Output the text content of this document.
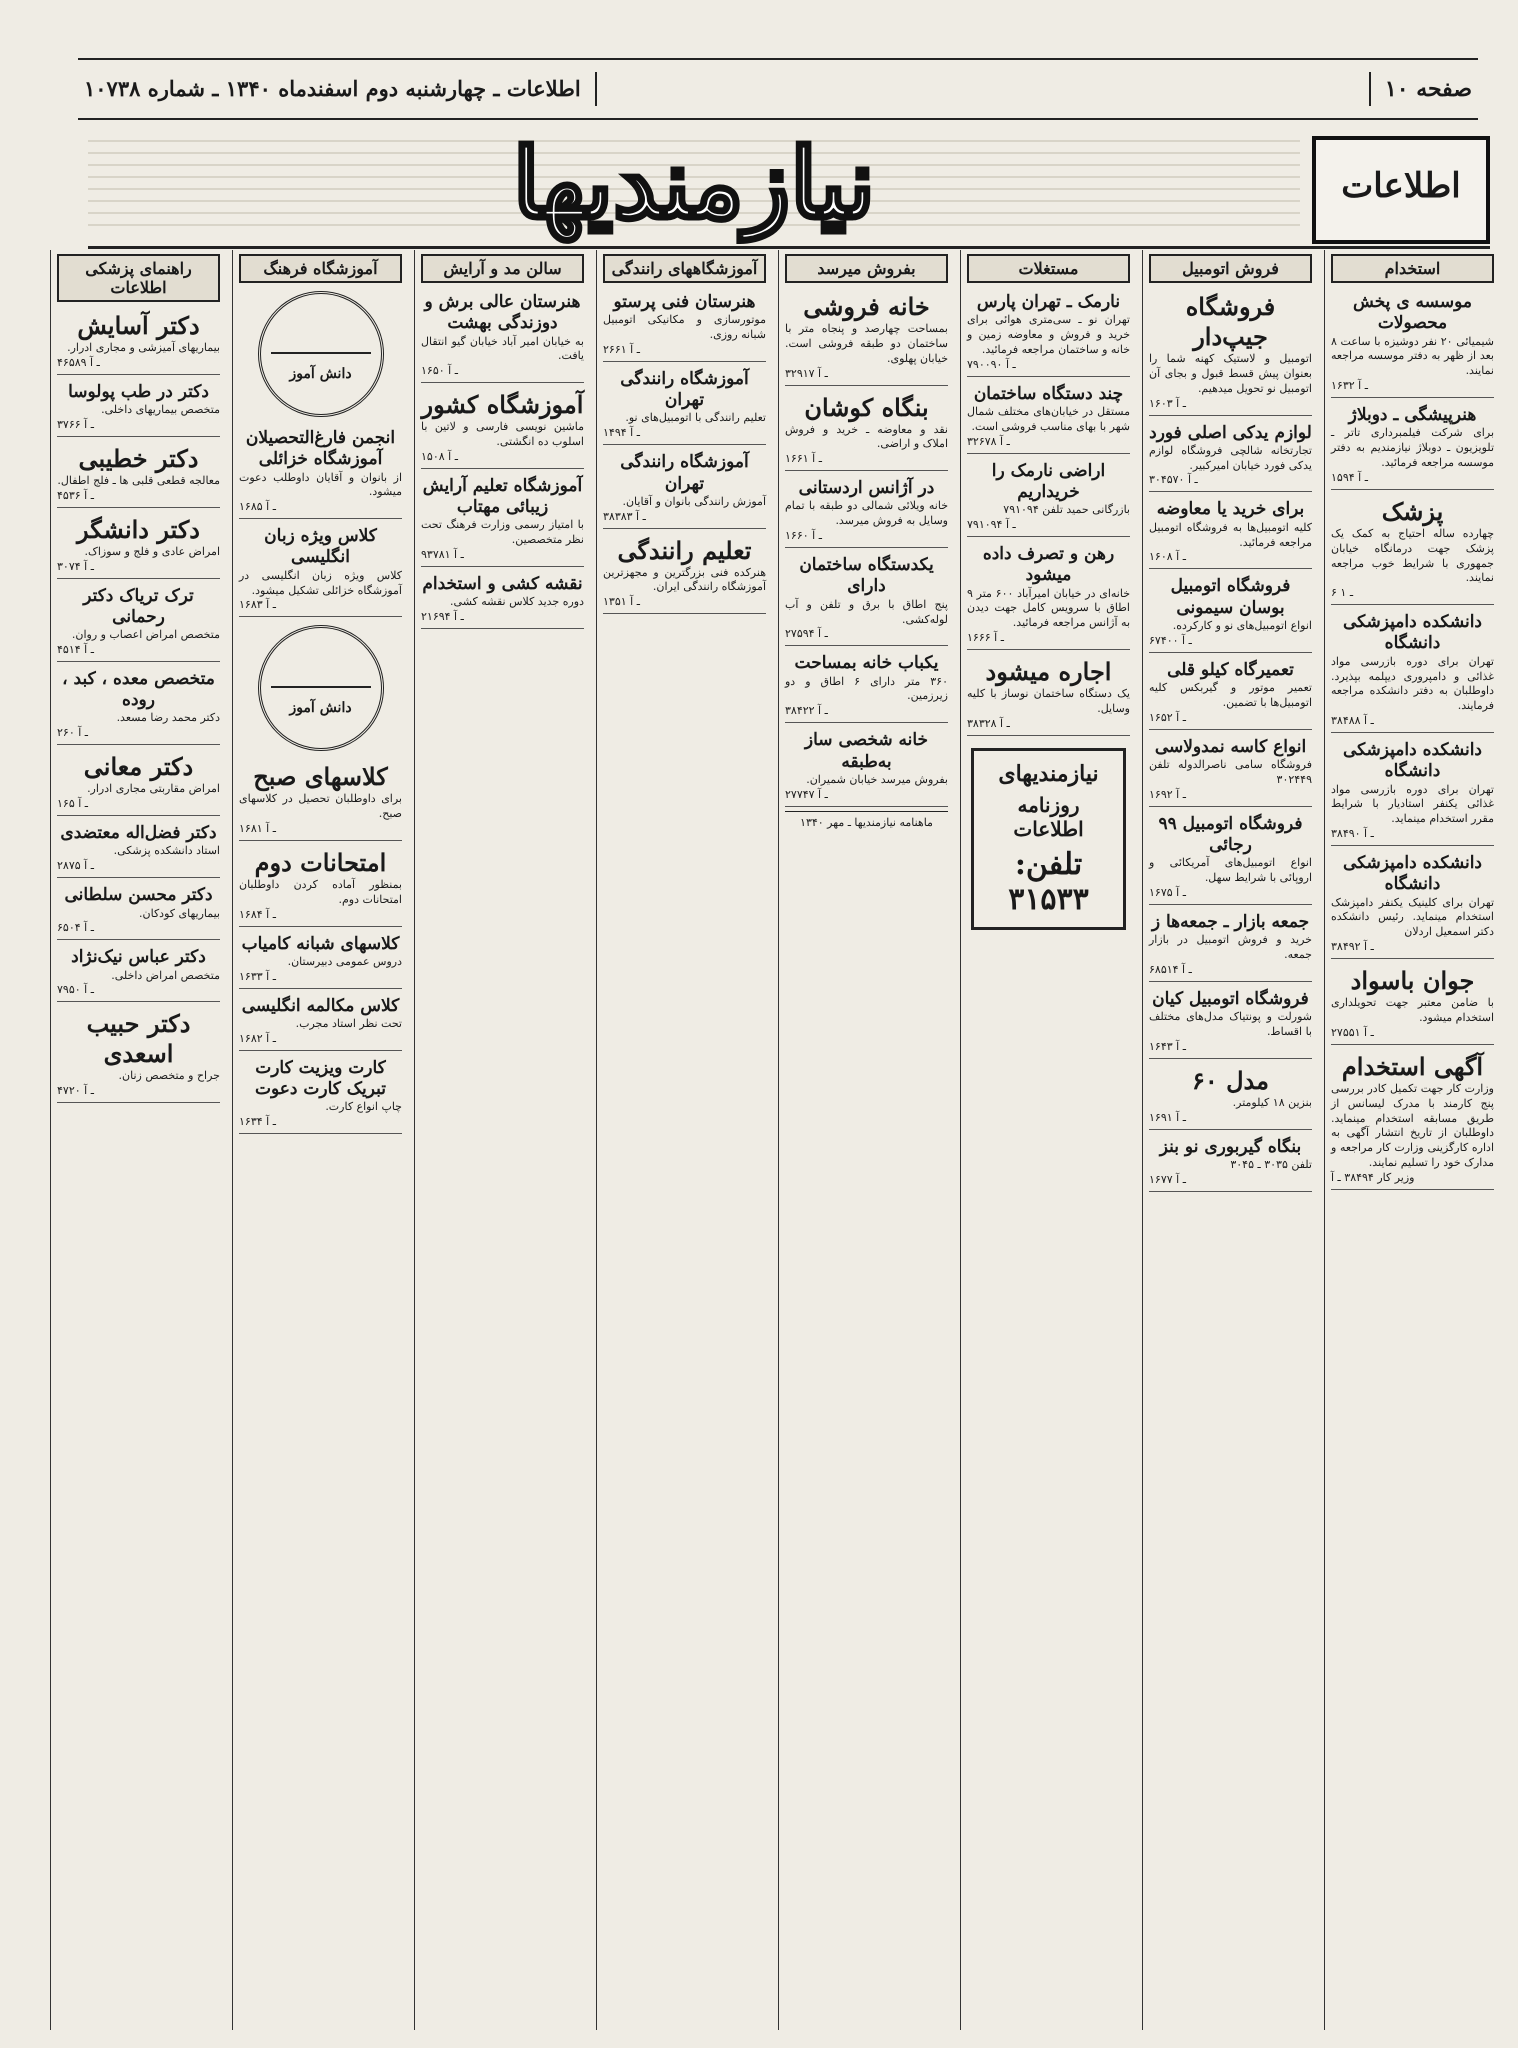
صفحه ۱۰
اطلاعات ـ چهارشنبه دوم اسفندماه ۱۳۴۰ ـ شماره ۱۰۷۳۸
اطلاعات
نیازمندیها
استخدام
موسسه‌ ‌ی پخش محصولات
شیمیائی ۲۰ نفر دوشیزه با ساعت ۸ بعد از ظهر به دفتر موسسه مراجعه نمایند.
۱۶۳۲ ـ آ
هنرپیشگی ـ دوبلاژ
برای شرکت فیلمبرداری تاتر ـ تلویزیون ـ دوبلاژ نیازمندیم به دفتر موسسه مراجعه فرمائید.
۱۵۹۴ ـ آ
پزشک
چهارده ساله احتیاج به کمک یک پزشک جهت درمانگاه خیابان جمهوری با شرایط خوب مراجعه نمایند.
۶ ـ ۱
دانشکده دامپزشکی دانشگاه
تهران برای دوره بازرسی مواد غذائی و دامپروری دیپلمه بپذیرد. داوطلبان به دفتر دانشکده مراجعه فرمایند.
۳۸۴۸۸ ـ آ
دانشکده دامپزشکی دانشگاه
تهران برای دوره بازرسی مواد غذائی یکنفر استادیار با شرایط مقرر استخدام مینماید.
۳۸۴۹۰ ـ آ
دانشکده دامپزشکی دانشگاه
تهران برای کلینیک یکنفر دامپزشک استخدام مینماید. رئیس دانشکده دکتر اسمعیل اردلان
۳۸۴۹۲ ـ آ
جوان باسواد
با ضامن معتبر جهت تحویلداری استخدام میشود.
۲۷۵۵۱ ـ آ
آگهی استخدام
وزارت کار جهت تکمیل کادر بررسی پنج کارمند با مدرک لیسانس از طریق مسابقه استخدام مینماید. داوطلبان از تاریخ انتشار آگهی به اداره کارگزینی وزارت کار مراجعه و مدارک خود را تسلیم نمایند.
وزیر کار ۳۸۴۹۴ ـ آ
فروش اتومبیل
فروشگاه جیپ‌دار
اتومبیل و لاستیک کهنه شما را بعنوان پیش قسط قبول و بجای آن اتومبیل نو تحویل میدهیم.
۱۶۰۳ ـ آ
لوازم یدکی اصلی فورد
تجارتخانه شالچی فروشگاه لوازم یدکی فورد خیابان امیرکبیر.
۳۰۴۵۷۰ ـ آ
برای خرید یا معاوضه
کلیه اتومبیل‌ها به فروشگاه اتومبیل مراجعه فرمائید.
۱۶۰۸ ـ آ
فروشگاه اتومبیل بوسان سیمونی
انواع اتومبیل‌های نو و کارکرده.
۶۷۴۰۰ ـ آ
تعمیرگاه کیلو قلی
تعمیر موتور و گیربکس کلیه اتومبیل‌ها با تضمین.
۱۶۵۲ ـ آ
انواع کاسه نمدولاسی
فروشگاه سامی ناصرالدوله تلفن ۳۰۲۴۴۹
۱۶۹۲ ـ آ
فروشگاه اتومبیل ۹۹ رجائی
انواع اتومبیل‌های آمریکائی و اروپائی با شرایط سهل.
۱۶۷۵ ـ آ
جمعه بازار ـ جمعه‌ها ز
خرید و فروش اتومبیل در بازار جمعه.
۶۸۵۱۴ ـ آ
فروشگاه اتومبیل کیان
شورلت و پونتیاک مدل‌های مختلف با اقساط.
۱۶۴۳ ـ آ
مدل ۶۰
بنزین ۱۸ کیلومتر.
۱۶۹۱ ـ آ
بنگاه گیربوری نو بنز
تلفن ۳۰۳۵ ـ ۳۰۴۵
۱۶۷۷ ـ آ
مستغلات
نارمک ـ تهران پارس
تهران نو ـ سی‌متری هوائی برای خرید و فروش و معاوضه زمین و خانه و ساختمان مراجعه فرمائید.
۷۹۰۰۹۰ ـ آ
چند دستگاه ساختمان
مستقل در خیابان‌های مختلف شمال شهر با بهای مناسب فروشی است.
۳۲۶۷۸ ـ آ
اراضی نارمک را خریداریم
بازرگانی حمید تلفن ۷۹۱۰۹۴
۷۹۱۰۹۴ ـ آ
رهن و تصرف داده میشود
خانه‌ای در خیابان امیرآباد ۶۰۰ متر ۹ اطاق با سرویس کامل جهت دیدن به آژانس مراجعه فرمائید.
۱۶۶۶ ـ آ
اجاره میشود
یک دستگاه ساختمان نوساز با کلیه وسایل.
۳۸۳۲۸ ـ آ
نیازمندیهای
روزنامه اطلاعات
تلفن: ۳۱۵۳۳
بفروش میرسد
خانه فروشی
بمساحت چهارصد و پنجاه متر با ساختمان دو طبقه فروشی است. خیابان پهلوی.
۳۲۹۱۷ ـ آ
بنگاه کوشان
نقد و معاوضه ـ خرید و فروش املاک و اراضی.
۱۶۶۱ ـ آ
در آژانس اردستانی
خانه ویلائی شمالی دو طبقه با تمام وسایل به فروش میرسد.
۱۶۶۰ ـ آ
یکدستگاه ساختمان دارای
پنج اطاق با برق و تلفن و آب لوله‌کشی.
۲۷۵۹۴ ـ آ
یکباب خانه بمساحت
۳۶۰ متر دارای ۶ اطاق و دو زیرزمین.
۳۸۴۲۲ ـ آ
خانه شخصی ساز به‌طبقه
بفروش میرسد خیابان شمیران.
۲۷۷۴۷ ـ آ
ماهنامه نیازمندیها ـ مهر ۱۳۴۰
آموزشگاههای رانندگی
هنرستان فنی پرستو
موتورسازی و مکانیکی اتومبیل شبانه روزی.
۲۶۶۱ ـ آ
آموزشگاه رانندگی تهران
تعلیم رانندگی با اتومبیل‌های نو.
۱۴۹۴ ـ آ
آموزشگاه رانندگی تهران
آموزش رانندگی بانوان و آقایان.
۳۸۳۸۳ ـ آ
تعلیم رانندگی
هنرکده فنی بزرگترین و مجهزترین آموزشگاه رانندگی ایران.
۱۳۵۱ ـ آ
سالن مد و آرایش
هنرستان عالی برش و دوزندگی بهشت
به خیابان امیر آباد خیابان گیو انتقال یافت.
۱۶۵۰ ـ آ
آموزشگاه کشور
ماشین نویسی فارسی و لاتین با اسلوب ده انگشتی.
۱۵۰۸ ـ آ
آموزشگاه تعلیم آرایش زیبائی مهتاب
با امتیاز رسمی وزارت فرهنگ تحت نظر متخصصین.
۹۳۷۸۱ ـ آ
نقشه کشی و استخدام
دوره جدید کلاس نقشه کشی.
۲۱۶۹۴ ـ آ
آموزشگاه فرهنگ
دانش آموز
انجمن فارغ‌التحصیلان آموزشگاه خزائلی
از بانوان و آقایان داوطلب دعوت میشود.
۱۶۸۵ ـ آ
کلاس ویژه زبان انگلیسی
کلاس ویژه زبان انگلیسی در آموزشگاه خزائلی تشکیل میشود.
۱۶۸۳ ـ آ
دانش آموز
کلاسهای صبح
برای داوطلبان تحصیل در کلاسهای صبح.
۱۶۸۱ ـ آ
امتحانات دوم
بمنظور آماده کردن داوطلبان امتحانات دوم.
۱۶۸۴ ـ آ
کلاسهای شبانه کامیاب
دروس عمومی دبیرستان.
۱۶۳۳ ـ آ
کلاس مکالمه انگلیسی
تحت نظر استاد مجرب.
۱۶۸۲ ـ آ
کارت ویزیت کارت تبریک کارت دعوت
چاپ انواع کارت.
۱۶۳۴ ـ آ
راهنمای پزشکی اطلاعات
دکتر آسایش
بیماریهای آمیزشی و مجاری ادرار.
۴۶۵۸۹ ـ آ
دکتر در طب پولوسا
متخصص بیماریهای داخلی.
۳۷۶۶ ـ آ
دکتر خطیبی
معالجه قطعی قلبی ها ـ فلج اطفال.
۴۵۳۶ ـ آ
دکتر دانشگر
امراض عادی و فلج و سوزاک.
۳۰۷۴ ـ آ
ترک تریاک دکتر رحمانی
متخصص امراض اعصاب و روان.
۴۵۱۴ ـ آ
متخصص معده ، کبد ، روده
دکتر محمد رضا مسعد.
۲۶۰ ـ آ
دکتر معانی
امراض مقاربتی مجاری ادرار.
۱۶۵ ـ آ
دکتر فضل‌اله معتضدی
استاد دانشکده پزشکی.
۲۸۷۵ ـ آ
دکتر محسن سلطانی
بیماریهای کودکان.
۶۵۰۴ ـ آ
دکتر عباس نیک‌نژاد
متخصص امراض داخلی.
۷۹۵۰ ـ آ
دکتر حبیب اسعدی
جراح و متخصص زنان.
۴۷۲۰ ـ آ
